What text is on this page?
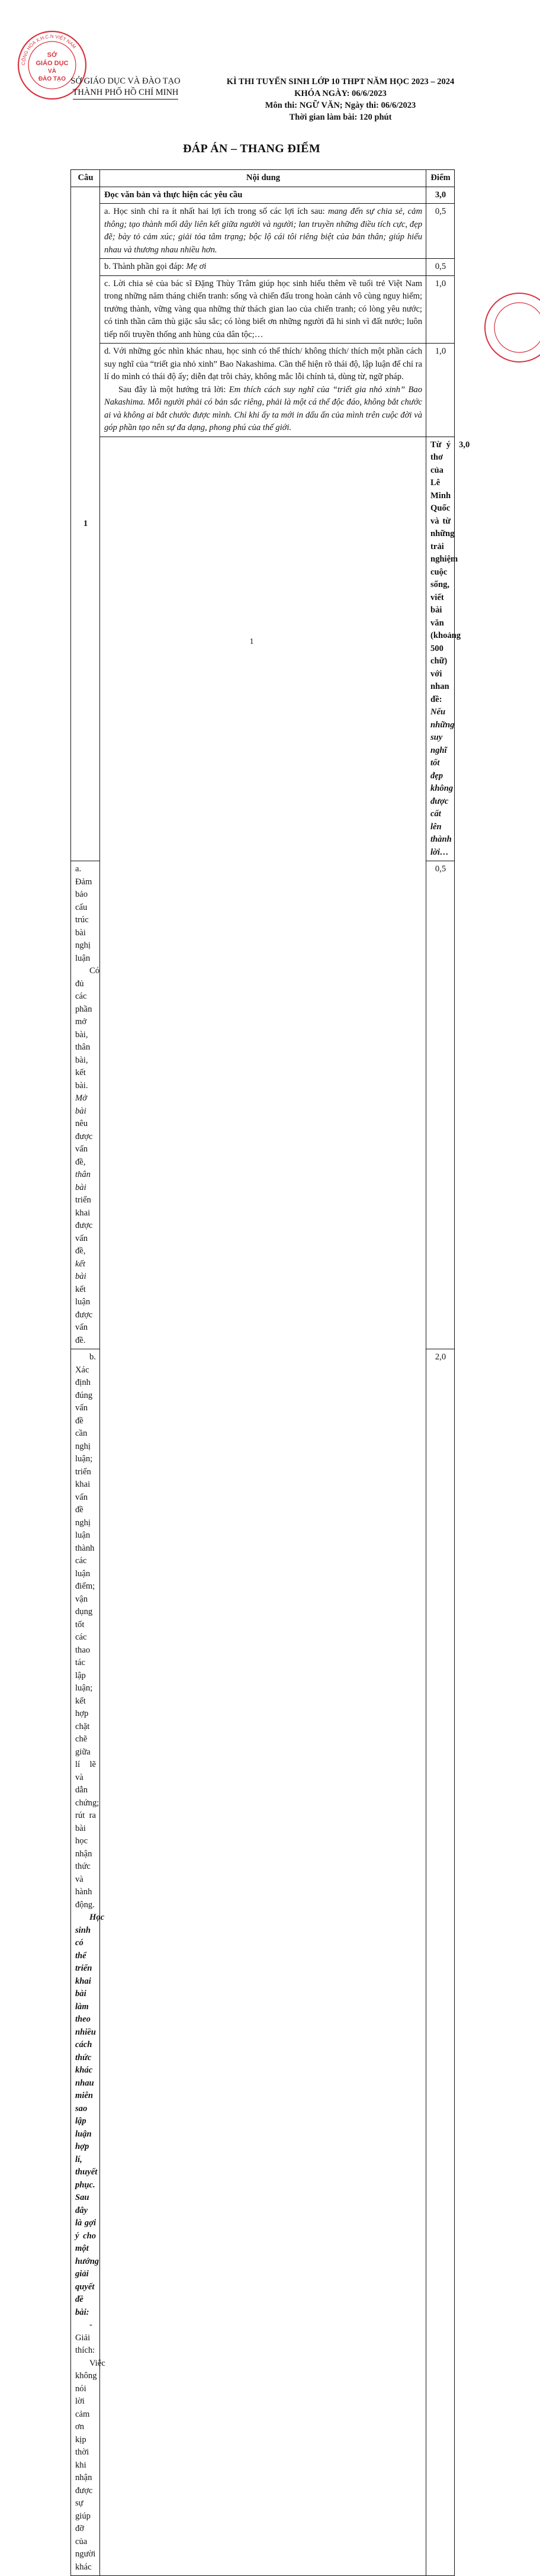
SỞ
GIÁO DỤC
VÀ
ĐÀO TẠO
CỘNG HÒA X.H.C.N VIỆT NAM
SỞ GIÁO DỤC VÀ ĐÀO TẠO
THÀNH PHỐ HỒ CHÍ MINH
KÌ THI TUYỂN SINH LỚP 10 THPT NĂM HỌC 2023 – 2024
KHÓA NGÀY: 06/6/2023
Môn thi: NGỮ VĂN; Ngày thi: 06/6/2023
Thời gian làm bài: 120 phút
ĐÁP ÁN – THANG ĐIỂM
Câu	Nội dung	Điểm	
1	Đọc văn bản và thực hiện các yêu cầu	3,0	
	a. Học sinh chỉ ra ít nhất hai lợi ích trong số các lợi ích sau: mang đến sự chia sẻ, cảm thông; tạo thành mối dây liên kết giữa người và người; lan truyền những điều tích cực, đẹp đẽ; bày tỏ cảm xúc; giải tỏa tâm trạng; bộc lộ cái tôi riêng biệt của bản thân; giúp hiểu nhau và thương nhau nhiều hơn.	0,5	
	b. Thành phần gọi đáp: Mẹ ơi	0,5	
	c. Lời chia sẻ của bác sĩ Đặng Thùy Trâm giúp học sinh hiểu thêm về tuổi trẻ Việt Nam trong những năm tháng chiến tranh: sống và chiến đấu trong hoàn cảnh vô cùng nguy hiểm; trưởng thành, vững vàng qua những thử thách gian lao của chiến tranh; có lòng yêu nước; có tinh thần căm thù giặc sâu sắc; có lòng biết ơn những người đã hi sinh vì đất nước; luôn tiếp nối truyền thống anh hùng của dân tộc;…	1,0	

	d. Với những góc nhìn khác nhau, học sinh có thể thích/ không thích/ thích một phần cách suy nghĩ của “triết gia nhỏ xinh” Bao Nakashima. Cần thể hiện rõ thái độ, lập luận để chỉ ra lí do mình có thái độ ấy; diễn đạt trôi chảy, không mắc lỗi chính tả, dùng từ, ngữ pháp.
Sau đây là một hướng trả lời: Em thích cách suy nghĩ của “triết gia nhỏ xinh” Bao Nakashima. Mỗi người phải có bản sắc riêng, phải là một cá thể độc đáo, không bắt chước ai và không ai bắt chước được mình. Chỉ khi ấy ta mới in dấu ấn của mình trên cuộc đời và góp phần tạo nên sự đa dạng, phong phú của thế giới.	1,0	
		Từ ý thơ của Lê Minh Quốc và từ những trải nghiệm cuộc sống, viết bài văn (khoảng 500 chữ) với nhan đề: Nếu những suy nghĩ tốt đẹp không được cất lên thành lời…	3,0

a. Đảm bảo cấu trúc bài nghị luận
Có đủ các phần mở bài, thân bài, kết bài. Mở bài nêu được vấn đề, thân bài triển khai được vấn đề, kết bài kết luận được vấn đề.		0,5	

b. Xác định đúng vấn đề cần nghị luận; triển khai vấn đề nghị luận thành các luận điểm; vận dụng tốt các thao tác lập luận; kết hợp chặt chẽ giữa lí lẽ và dẫn chứng; rút ra bài học nhận thức và hành động.
Học sinh có thể triển khai bài làm theo nhiều cách thức khác nhau miễn sao lập luận hợp lí, thuyết phục. Sau đây là gợi ý cho một hướng giải quyết đề bài:
- Giải thích:
Việc không nói lời cảm ơn kịp thời khi nhận được sự giúp đỡ của người khác		2,0	
1
